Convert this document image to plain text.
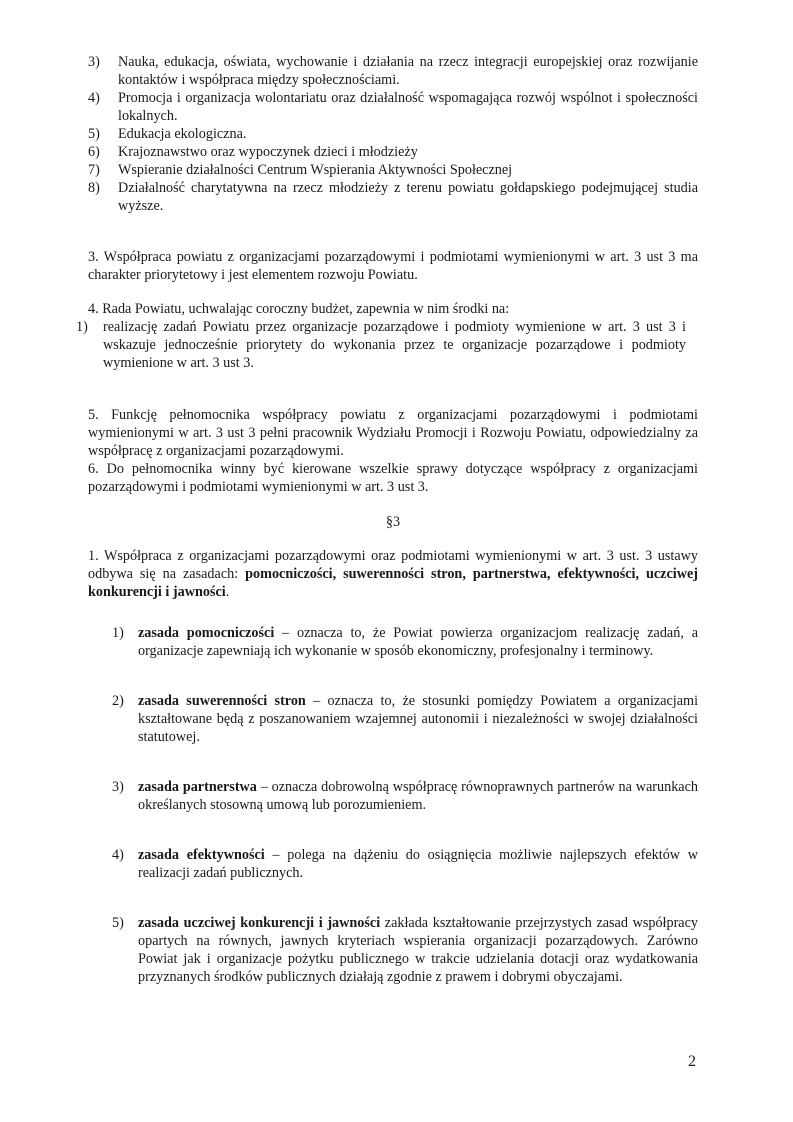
3)	Nauka, edukacja, oświata, wychowanie i działania na rzecz integracji europejskiej oraz rozwijanie kontaktów i współpraca między społecznościami.
4)	Promocja i organizacja wolontariatu oraz działalność wspomagająca rozwój wspólnot i społeczności lokalnych.
5)	Edukacja ekologiczna.
6)	Krajoznawstwo oraz wypoczynek dzieci i młodzieży
7)	Wspieranie działalności Centrum Wspierania Aktywności Społecznej
8)	Działalność charytatywna na rzecz młodzieży z terenu powiatu gołdapskiego podejmującej studia wyższe.

3. Współpraca powiatu z organizacjami pozarządowymi i podmiotami wymienionymi w art. 3 ust 3 ma charakter priorytetowy i jest elementem rozwoju Powiatu.

4. Rada Powiatu, uchwalając coroczny budżet, zapewnia w nim środki na:

1)	realizację zadań Powiatu przez organizacje pozarządowe i podmioty wymienione w art. 3 ust 3 i wskazuje jednocześnie priorytety do wykonania przez te organizacje pozarządowe i podmioty wymienione w art. 3 ust 3.

5. Funkcję pełnomocnika współpracy powiatu z organizacjami pozarządowymi i podmiotami wymienionymi w art. 3 ust 3 pełni pracownik Wydziału Promocji i Rozwoju Powiatu, odpowiedzialny za współpracę z organizacjami pozarządowymi.

6. Do pełnomocnika winny być kierowane wszelkie sprawy dotyczące współpracy z organizacjami pozarządowymi i podmiotami wymienionymi w art. 3 ust 3.

§3

1. Współpraca z organizacjami pozarządowymi oraz podmiotami wymienionymi w art. 3 ust. 3 ustawy odbywa się na zasadach: pomocniczości, suwerenności stron, partnerstwa, efektywności, uczciwej konkurencji i jawności.

1) zasada pomocniczości – oznacza to, że Powiat powierza organizacjom realizację zadań, a organizacje zapewniają ich wykonanie w sposób ekonomiczny, profesjonalny i terminowy.
2) zasada suwerenności stron – oznacza to, że stosunki pomiędzy Powiatem a organizacjami kształtowane będą z poszanowaniem wzajemnej autonomii i niezależności w swojej działalności statutowej.
3) zasada partnerstwa – oznacza dobrowolną współpracę równoprawnych partnerów na warunkach określanych stosowną umową lub porozumieniem.
4) zasada efektywności – polega na dążeniu do osiągnięcia możliwie najlepszych efektów w realizacji zadań publicznych.
5) zasada uczciwej konkurencji i jawności zakłada kształtowanie przejrzystych zasad współpracy opartych na równych, jawnych kryteriach wspierania organizacji pozarządowych. Zarówno Powiat jak i organizacje pożytku publicznego w trakcie udzielania dotacji oraz wydatkowania przyznanych środków publicznych działają zgodnie z prawem i dobrymi obyczajami.
2
